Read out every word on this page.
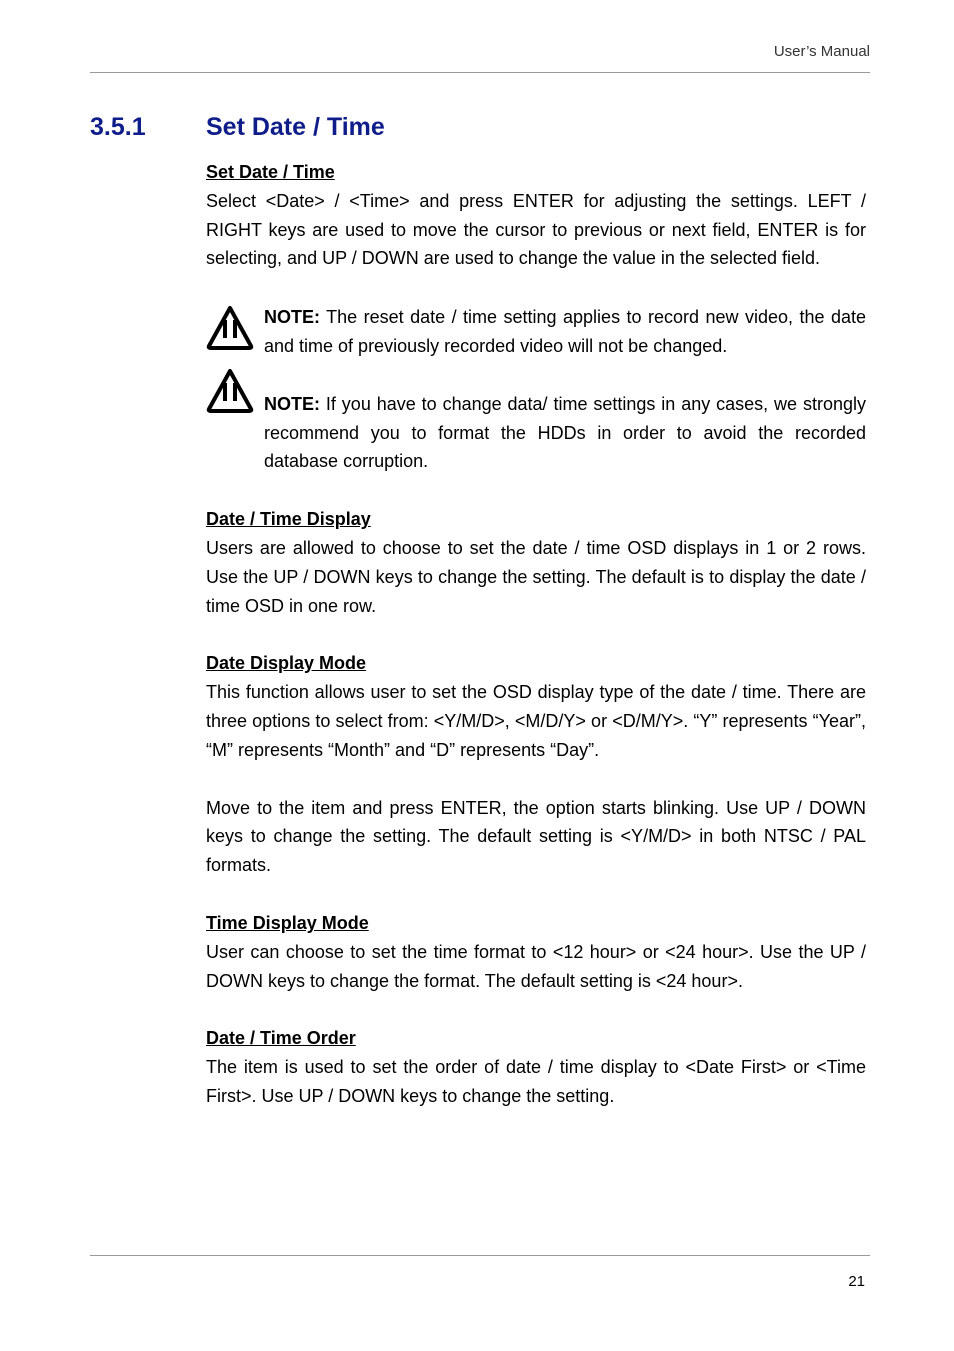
User’s Manual
3.5.1 Set Date / Time
Set Date / Time

Select <Date> / <Time> and press ENTER for adjusting the settings. LEFT / RIGHT keys are used to move the cursor to previous or next field, ENTER is for selecting, and UP / DOWN are used to change the value in the selected field.

NOTE: The reset date / time setting applies to record new video, the date and time of previously recorded video will not be changed.

NOTE: If you have to change data/ time settings in any cases, we strongly recommend you to format the HDDs in order to avoid the recorded database corruption.

Date / Time Display

Users are allowed to choose to set the date / time OSD displays in 1 or 2 rows. Use the UP / DOWN keys to change the setting. The default is to display the date / time OSD in one row.

Date Display Mode

This function allows user to set the OSD display type of the date / time. There are three options to select from: <Y/M/D>, <M/D/Y> or <D/M/Y>. “Y” represents “Year”, “M” represents “Month” and “D” represents “Day”.

Move to the item and press ENTER, the option starts blinking. Use UP / DOWN keys to change the setting. The default setting is <Y/M/D> in both NTSC / PAL formats.

Time Display Mode

User can choose to set the time format to <12 hour> or <24 hour>. Use the UP / DOWN keys to change the format. The default setting is <24 hour>.

Date / Time Order

The item is used to set the order of date / time display to <Date First> or <Time First>. Use UP / DOWN keys to change the setting.

21
